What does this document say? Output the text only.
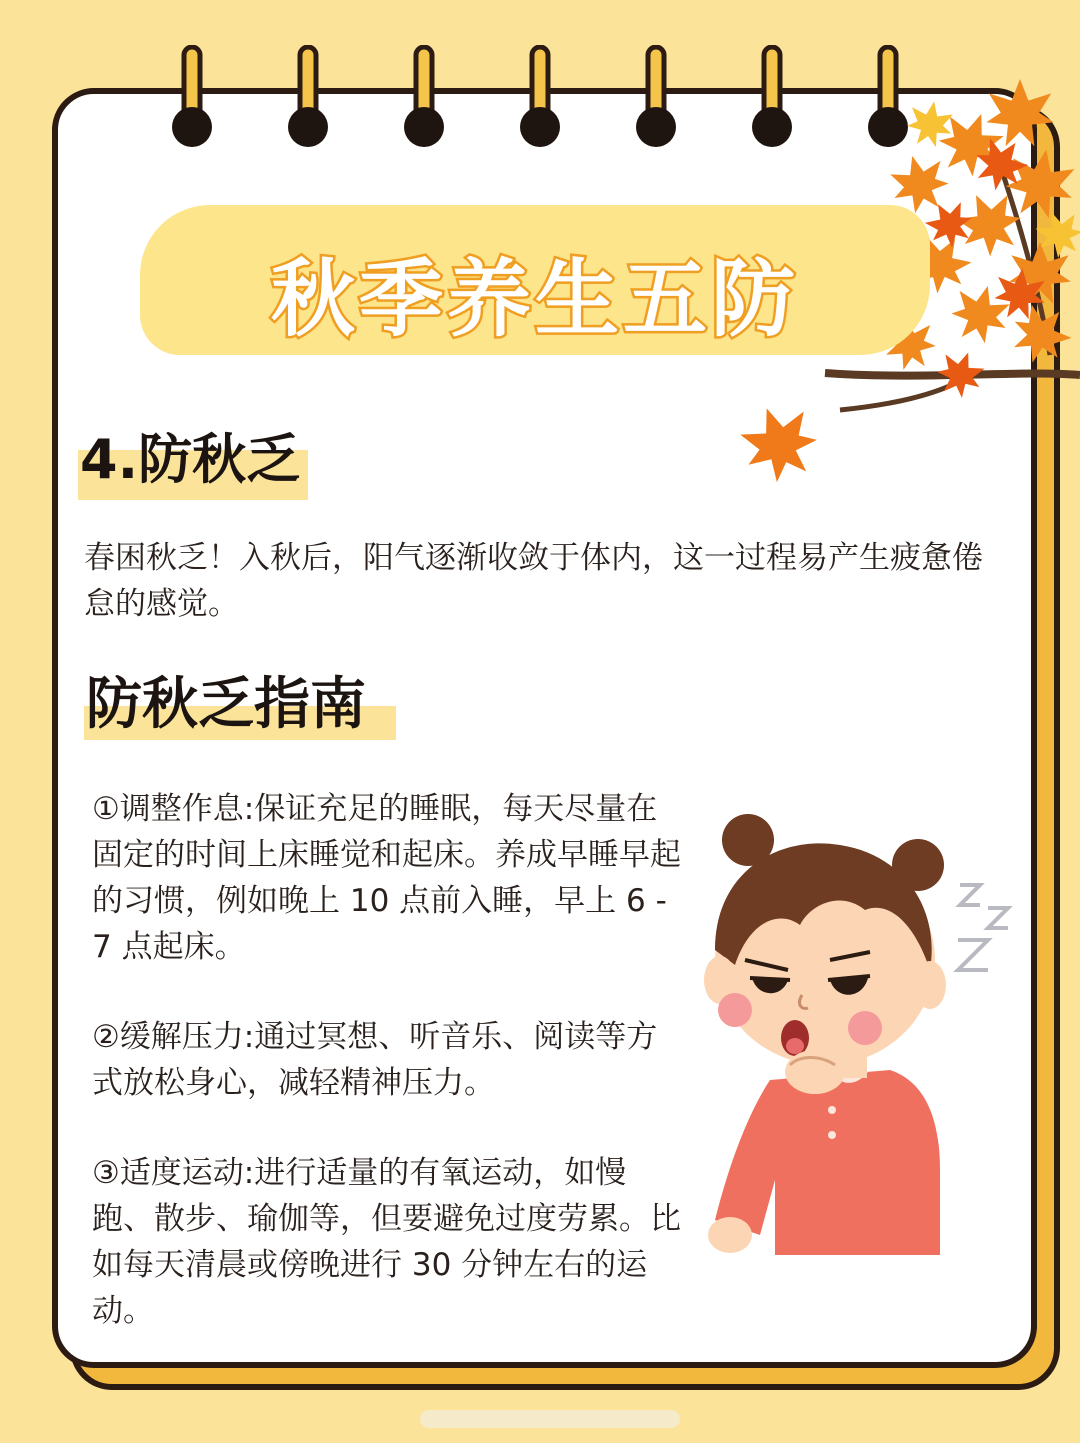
秋季养生五防
4.防秋乏

春困秋乏！入秋后，阳气逐渐收敛于体内，这一过程易产生疲惫倦怠的感觉。

防秋乏指南

①调整作息:保证充足的睡眠，每天尽量在固定的时间上床睡觉和起床。养成早睡早起的习惯，例如晚上 10 点前入睡，早上 6 - 7 点起床。

②缓解压力:通过冥想、听音乐、阅读等方式放松身心，减轻精神压力。

③适度运动:进行适量的有氧运动，如慢跑、散步、瑜伽等，但要避免过度劳累。比如每天清晨或傍晚进行 30 分钟左右的运动。
